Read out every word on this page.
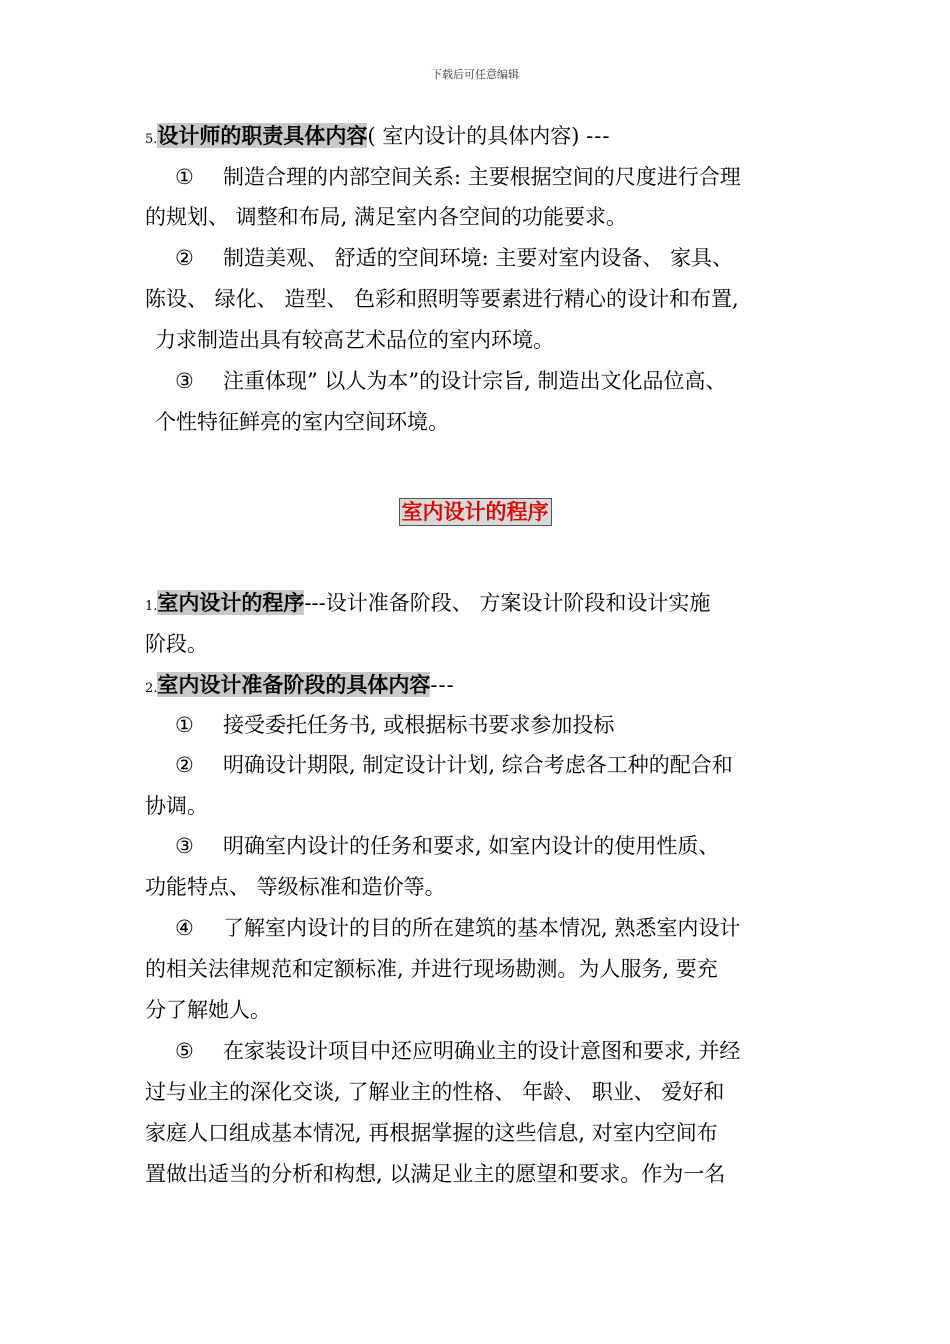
下载后可任意编辑
5.设计师的职责具体内容( 室内设计的具体内容) ---
① 制造合理的内部空间关系: 主要根据空间的尺度进行合理
的规划、 调整和布局, 满足室内各空间的功能要求。
② 制造美观、 舒适的空间环境: 主要对室内设备、 家具、
陈设、 绿化、 造型、 色彩和照明等要素进行精心的设计和布置,
力求制造出具有较高艺术品位的室内环境。
③ 注重体现” 以人为本”的设计宗旨, 制造出文化品位高、
个性特征鲜亮的室内空间环境。
室内设计的程序
1.室内设计的程序---设计准备阶段、 方案设计阶段和设计实施
阶段。
2.室内设计准备阶段的具体内容---
① 接受委托任务书, 或根据标书要求参加投标
② 明确设计期限, 制定设计计划, 综合考虑各工种的配合和
协调。
③ 明确室内设计的任务和要求, 如室内设计的使用性质、
功能特点、 等级标准和造价等。
④ 了解室内设计的目的所在建筑的基本情况, 熟悉室内设计
的相关法律规范和定额标准, 并进行现场勘测。为人服务, 要充
分了解她人。
⑤ 在家装设计项目中还应明确业主的设计意图和要求, 并经
过与业主的深化交谈, 了解业主的性格、 年龄、 职业、 爱好和
家庭人口组成基本情况, 再根据掌握的这些信息, 对室内空间布
置做出适当的分析和构想, 以满足业主的愿望和要求。作为一名
